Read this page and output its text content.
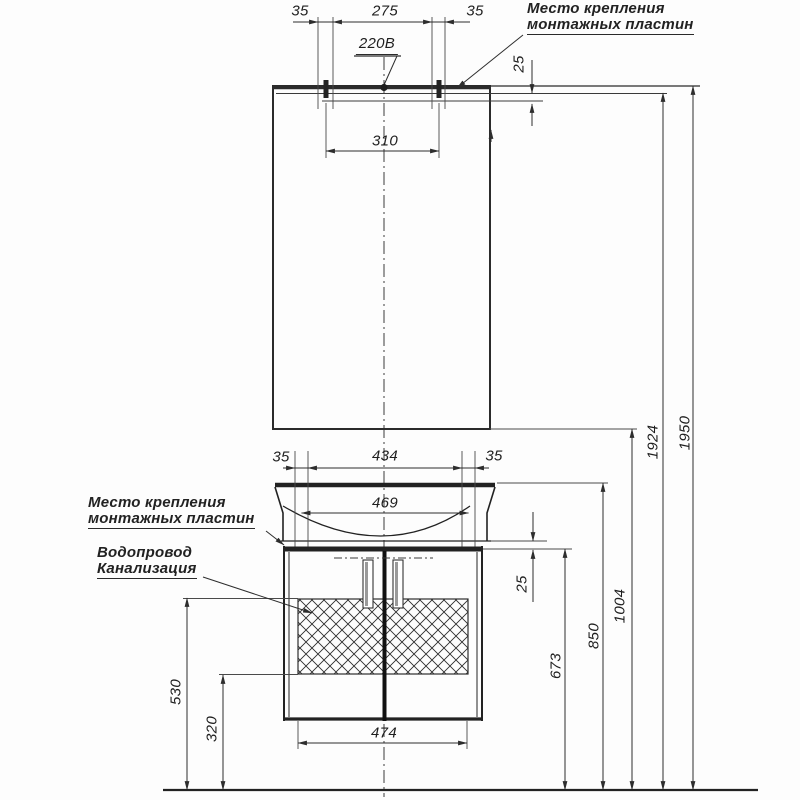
35	275	35
220В
Место крепления
монтажных пластин
25
310
35	434	35
469
Место крепления
монтажных пластин
Водопровод
Канализация
25
673
850
1004
1924 1950
530
320	474
